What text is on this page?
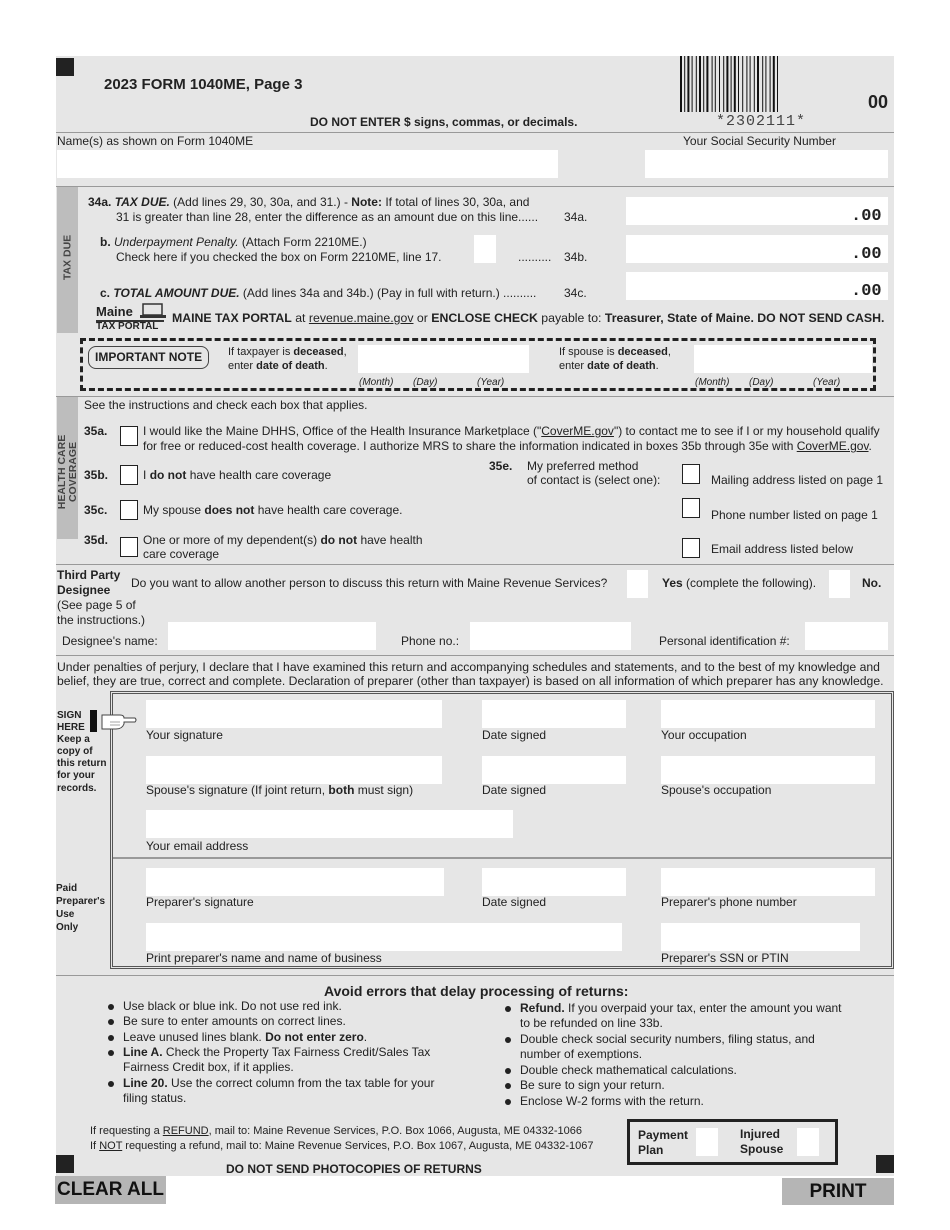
2023 FORM 1040ME, Page 3
*2302111*
00
DO NOT ENTER $ signs, commas, or decimals.
Name(s) as shown on Form 1040ME	Your Social Security Number
TAX DUE
34a. TAX DUE. (Add lines 29, 30, 30a, and 31.) - Note: If total of lines 30, 30a, and
31 is greater than line 28, enter the difference as an amount due on this line...... 34a.	.00
b. Underpayment Penalty. (Attach Form 2210ME.)
Check here if you checked the box on Form 2210ME, line 17.	.......... 34b.	.00
c. TOTAL AMOUNT DUE. (Add lines 34a and 34b.) (Pay in full with return.) .......... 34c.	.00
Maine
TAX PORTAL
MAINE TAX PORTAL at revenue.maine.gov or ENCLOSE CHECK payable to: Treasurer, State of Maine. DO NOT SEND CASH.
IMPORTANT NOTE	If taxpayer is deceased,
enter date of death.
(Month) (Day)	(Year)
If spouse is deceased,
enter date of death.
(Month) (Day)	(Year)
HEALTH CARE
COVERAGE
See the instructions and check each box that applies.
35a.	I would like the Maine DHHS, Office of the Health Insurance Marketplace ("CoverME.gov") to contact me to see if I or my household qualify
for free or reduced-cost health coverage. I authorize MRS to share the information indicated in boxes 35b through 35e with CoverME.gov.
35b.	I do not have health care coverage
35e. My preferred method
of contact is (select one):	Mailing address listed on page 1
Phone number listed on page 1
Email address listed below
35c.	My spouse does not have health care coverage.
35d.	One or more of my dependent(s) do not have health
care coverage
Third Party
Designee
(See page 5 of
the instructions.)
Do you want to allow another person to discuss this return with Maine Revenue Services?	Yes (complete the following).	No.
Designee's name:	Phone no.:	Personal identification #:
Under penalties of perjury, I declare that I have examined this return and accompanying schedules and statements, and to the best of my knowledge and
belief, they are true, correct and complete. Declaration of preparer (other than taxpayer) is based on all information of which preparer has any knowledge.
SIGN
HERE
Keep a
copy of
this return
for your
records.
Your signature	Date signed	Your occupation
Spouse's signature (If joint return, both must sign)	Date signed	Spouse's occupation
Your email address
Paid
Preparer's
Use
Only
Preparer's signature	Date signed	Preparer's phone number
Print preparer's name and name of business	Preparer's SSN or PTIN
Avoid errors that delay processing of returns:
Use black or blue ink. Do not use red ink.
Be sure to enter amounts on correct lines.
Leave unused lines blank. Do not enter zero.
Line A. Check the Property Tax Fairness Credit/Sales Tax
Fairness Credit box, if it applies.
Line 20. Use the correct column from the tax table for your
filing status.
Refund. If you overpaid your tax, enter the amount you want
to be refunded on line 33b.
Double check social security numbers, filing status, and
number of exemptions.
Double check mathematical calculations.
Be sure to sign your return.
Enclose W-2 forms with the return.
If requesting a REFUND, mail to: Maine Revenue Services, P.O. Box 1066, Augusta, ME 04332-1066
If NOT requesting a refund, mail to: Maine Revenue Services, P.O. Box 1067, Augusta, ME 04332-1067
Payment
Plan
Injured
Spouse
DO NOT SEND PHOTOCOPIES OF RETURNS
CLEAR ALL	PRINT
